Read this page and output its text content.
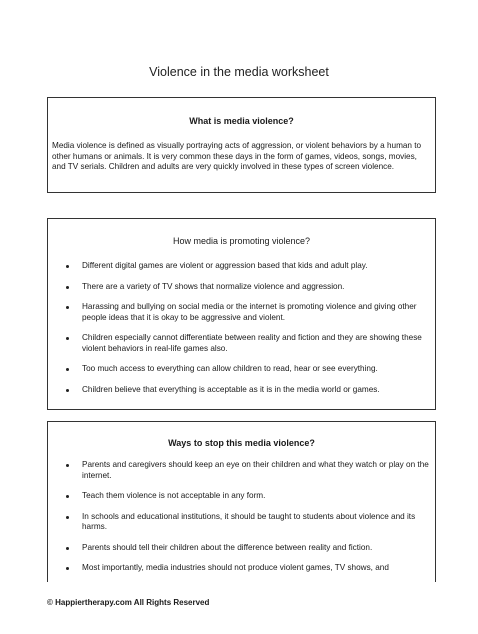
Violence in the media worksheet
What is media violence?
Media violence is defined as visually portraying acts of aggression, or violent behaviors by a human to other humans or animals. It is very common these days in the form of games, videos, songs, movies, and TV serials. Children and adults are very quickly involved in these types of screen violence.
How media is promoting violence?
Different digital games are violent or aggression based that kids and adult play.
There are a variety of TV shows that normalize violence and aggression.
Harassing and bullying on social media or the internet is promoting violence and giving other people ideas that it is okay to be aggressive and violent.
Children especially cannot differentiate between reality and fiction and they are showing these violent behaviors in real-life games also.
Too much access to everything can allow children to read, hear or see everything.
Children believe that everything is acceptable as it is in the media world or games.
Ways to stop this media violence?
Parents and caregivers should keep an eye on their children and what they watch or play on the internet.
Teach them violence is not acceptable in any form.
In schools and educational institutions, it should be taught to students about violence and its harms.
Parents should tell their children about the difference between reality and fiction.
Most importantly, media industries should not produce violent games, TV shows, and
© Happiertherapy.com All Rights Reserved
